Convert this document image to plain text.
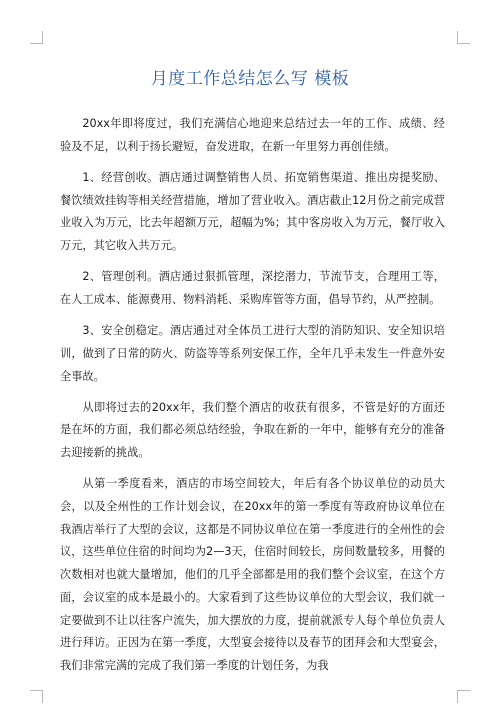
月度工作总结怎么写 模板

20xx年即将度过，我们充满信心地迎来总结过去一年的工作、成绩、经验及不足，以利于扬长避短，奋发进取，在新一年里努力再创佳绩。

1、经营创收。酒店通过调整销售人员、拓宽销售渠道、推出房提奖励、餐饮绩效挂钩等相关经营措施，增加了营业收入。酒店截止12月份之前完成营业收入为万元，比去年超额万元，超幅为%；其中客房收入为万元，餐厅收入万元，其它收入共万元。

2、管理创利。酒店通过狠抓管理，深挖潜力，节流节支，合理用工等，在人工成本、能源费用、物料消耗、采购库管等方面，倡导节约，从严控制。

3、安全创稳定。酒店通过对全体员工进行大型的消防知识、安全知识培训，做到了日常的防火、防盗等等系列安保工作，全年几乎未发生一件意外安全事故。

从即将过去的20xx年，我们整个酒店的收获有很多，不管是好的方面还是在坏的方面，我们都必须总结经验，争取在新的一年中，能够有充分的准备去迎接新的挑战。

从第一季度看来，酒店的市场空间较大，年后有各个协议单位的动员大会，以及全州性的工作计划会议，在20xx年的第一季度有等政府协议单位在我酒店举行了大型的会议，这都是不同协议单位在第一季度进行的全州性的会议，这些单位住宿的时间均为2—3天，住宿时间较长，房间数量较多，用餐的次数相对也就大量增加，他们的几乎全部都是用的我们整个会议室，在这个方面，会议室的成本是最小的。大家看到了这些协议单位的大型会议，我们就一定要做到不让以往客户流失，加大摆放的力度，提前就派专人每个单位负责人进行拜访。正因为在第一季度，大型宴会接待以及春节的团拜会和大型宴会，我们非常完满的完成了我们第一季度的计划任务，为我
